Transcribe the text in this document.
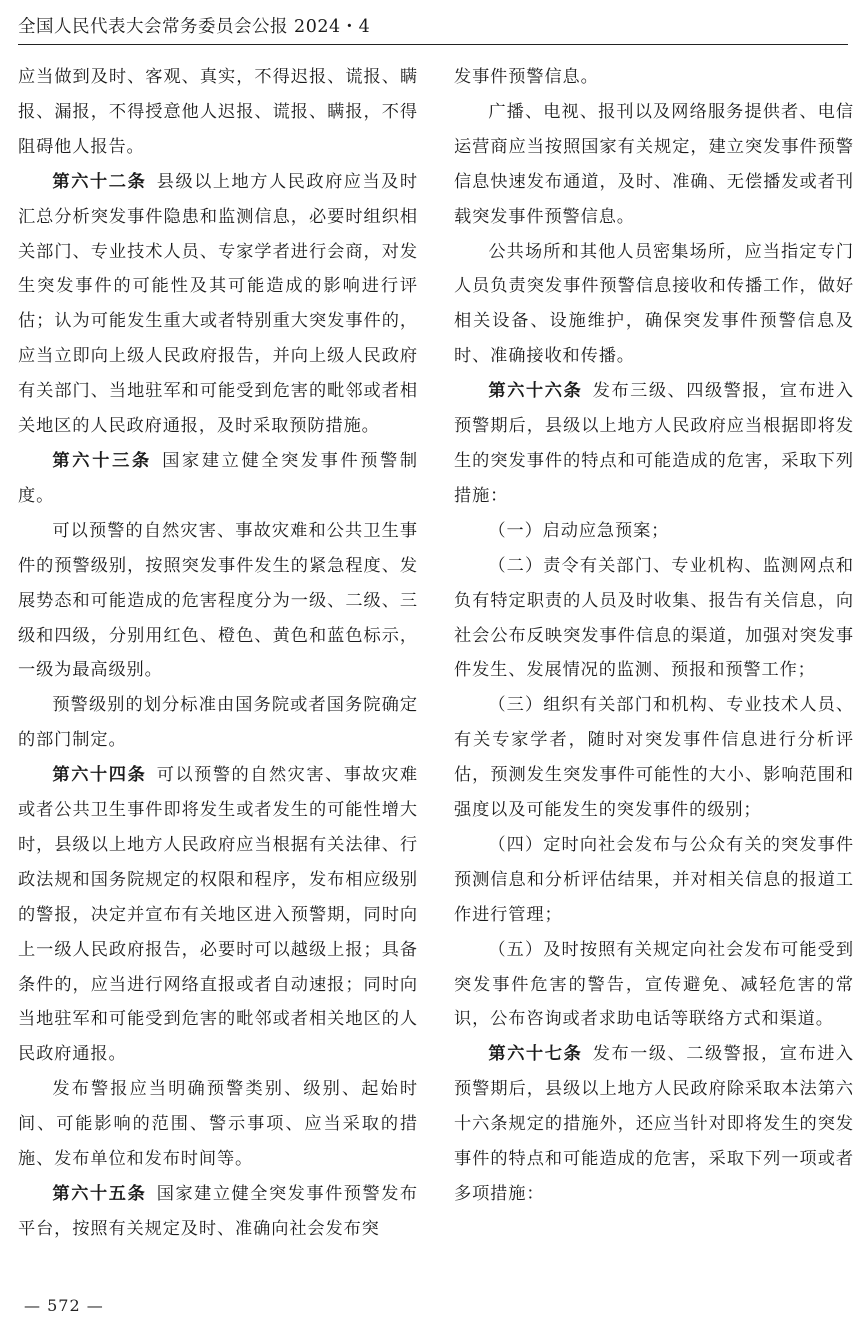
全国人民代表大会常务委员会公报 2024・4

应当做到及时、客观、真实，不得迟报、谎报、瞒报、漏报，不得授意他人迟报、谎报、瞒报，不得阻碍他人报告。

第六十二条 县级以上地方人民政府应当及时汇总分析突发事件隐患和监测信息，必要时组织相关部门、专业技术人员、专家学者进行会商，对发生突发事件的可能性及其可能造成的影响进行评估；认为可能发生重大或者特别重大突发事件的，应当立即向上级人民政府报告，并向上级人民政府有关部门、当地驻军和可能受到危害的毗邻或者相关地区的人民政府通报，及时采取预防措施。

第六十三条 国家建立健全突发事件预警制度。

可以预警的自然灾害、事故灾难和公共卫生事件的预警级别，按照突发事件发生的紧急程度、发展势态和可能造成的危害程度分为一级、二级、三级和四级，分别用红色、橙色、黄色和蓝色标示，一级为最高级别。

预警级别的划分标准由国务院或者国务院确定的部门制定。

第六十四条 可以预警的自然灾害、事故灾难或者公共卫生事件即将发生或者发生的可能性增大时，县级以上地方人民政府应当根据有关法律、行政法规和国务院规定的权限和程序，发布相应级别的警报，决定并宣布有关地区进入预警期，同时向上一级人民政府报告，必要时可以越级上报；具备条件的，应当进行网络直报或者自动速报；同时向当地驻军和可能受到危害的毗邻或者相关地区的人民政府通报。

发布警报应当明确预警类别、级别、起始时间、可能影响的范围、警示事项、应当采取的措施、发布单位和发布时间等。

第六十五条 国家建立健全突发事件预警发布平台，按照有关规定及时、准确向社会发布突

发事件预警信息。

广播、电视、报刊以及网络服务提供者、电信运营商应当按照国家有关规定，建立突发事件预警信息快速发布通道，及时、准确、无偿播发或者刊载突发事件预警信息。

公共场所和其他人员密集场所，应当指定专门人员负责突发事件预警信息接收和传播工作，做好相关设备、设施维护，确保突发事件预警信息及时、准确接收和传播。

第六十六条 发布三级、四级警报，宣布进入预警期后，县级以上地方人民政府应当根据即将发生的突发事件的特点和可能造成的危害，采取下列措施：

（一）启动应急预案；

（二）责令有关部门、专业机构、监测网点和负有特定职责的人员及时收集、报告有关信息，向社会公布反映突发事件信息的渠道，加强对突发事件发生、发展情况的监测、预报和预警工作；

（三）组织有关部门和机构、专业技术人员、有关专家学者，随时对突发事件信息进行分析评估，预测发生突发事件可能性的大小、影响范围和强度以及可能发生的突发事件的级别；

（四）定时向社会发布与公众有关的突发事件预测信息和分析评估结果，并对相关信息的报道工作进行管理；

（五）及时按照有关规定向社会发布可能受到突发事件危害的警告，宣传避免、减轻危害的常识，公布咨询或者求助电话等联络方式和渠道。

第六十七条 发布一级、二级警报，宣布进入预警期后，县级以上地方人民政府除采取本法第六十六条规定的措施外，还应当针对即将发生的突发事件的特点和可能造成的危害，采取下列一项或者多项措施：

— 572 —
